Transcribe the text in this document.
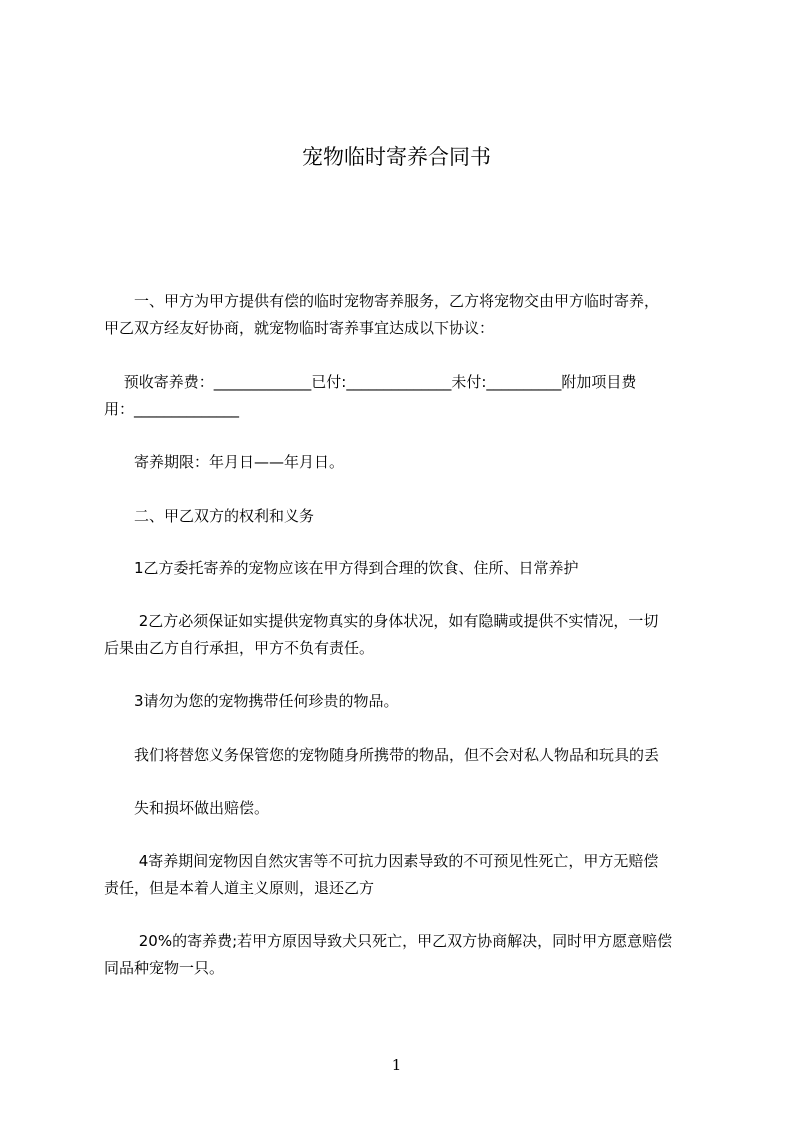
宠物临时寄养合同书
　　一、甲方为甲方提供有偿的临时宠物寄养服务，乙方将宠物交由甲方临时寄养，
甲乙双方经友好协商，就宠物临时寄养事宜达成以下协议：
　 预收寄养费：_____________已付:______________未付:__________附加项目费
用：______________
　　寄养期限：年月日——年月日。
　　二、甲乙双方的权利和义务
　　1乙方委托寄养的宠物应该在甲方得到合理的饮食、住所、日常养护
　　 2乙方必须保证如实提供宠物真实的身体状况，如有隐瞒或提供不实情况，一切
后果由乙方自行承担，甲方不负有责任。
　　3请勿为您的宠物携带任何珍贵的物品。
　　我们将替您义务保管您的宠物随身所携带的物品，但不会对私人物品和玩具的丢
　　失和损坏做出赔偿。
　　 4寄养期间宠物因自然灾害等不可抗力因素导致的不可预见性死亡，甲方无赔偿
责任，但是本着人道主义原则，退还乙方
　　 20%的寄养费;若甲方原因导致犬只死亡，甲乙双方协商解决，同时甲方愿意赔偿
同品种宠物一只。
1
